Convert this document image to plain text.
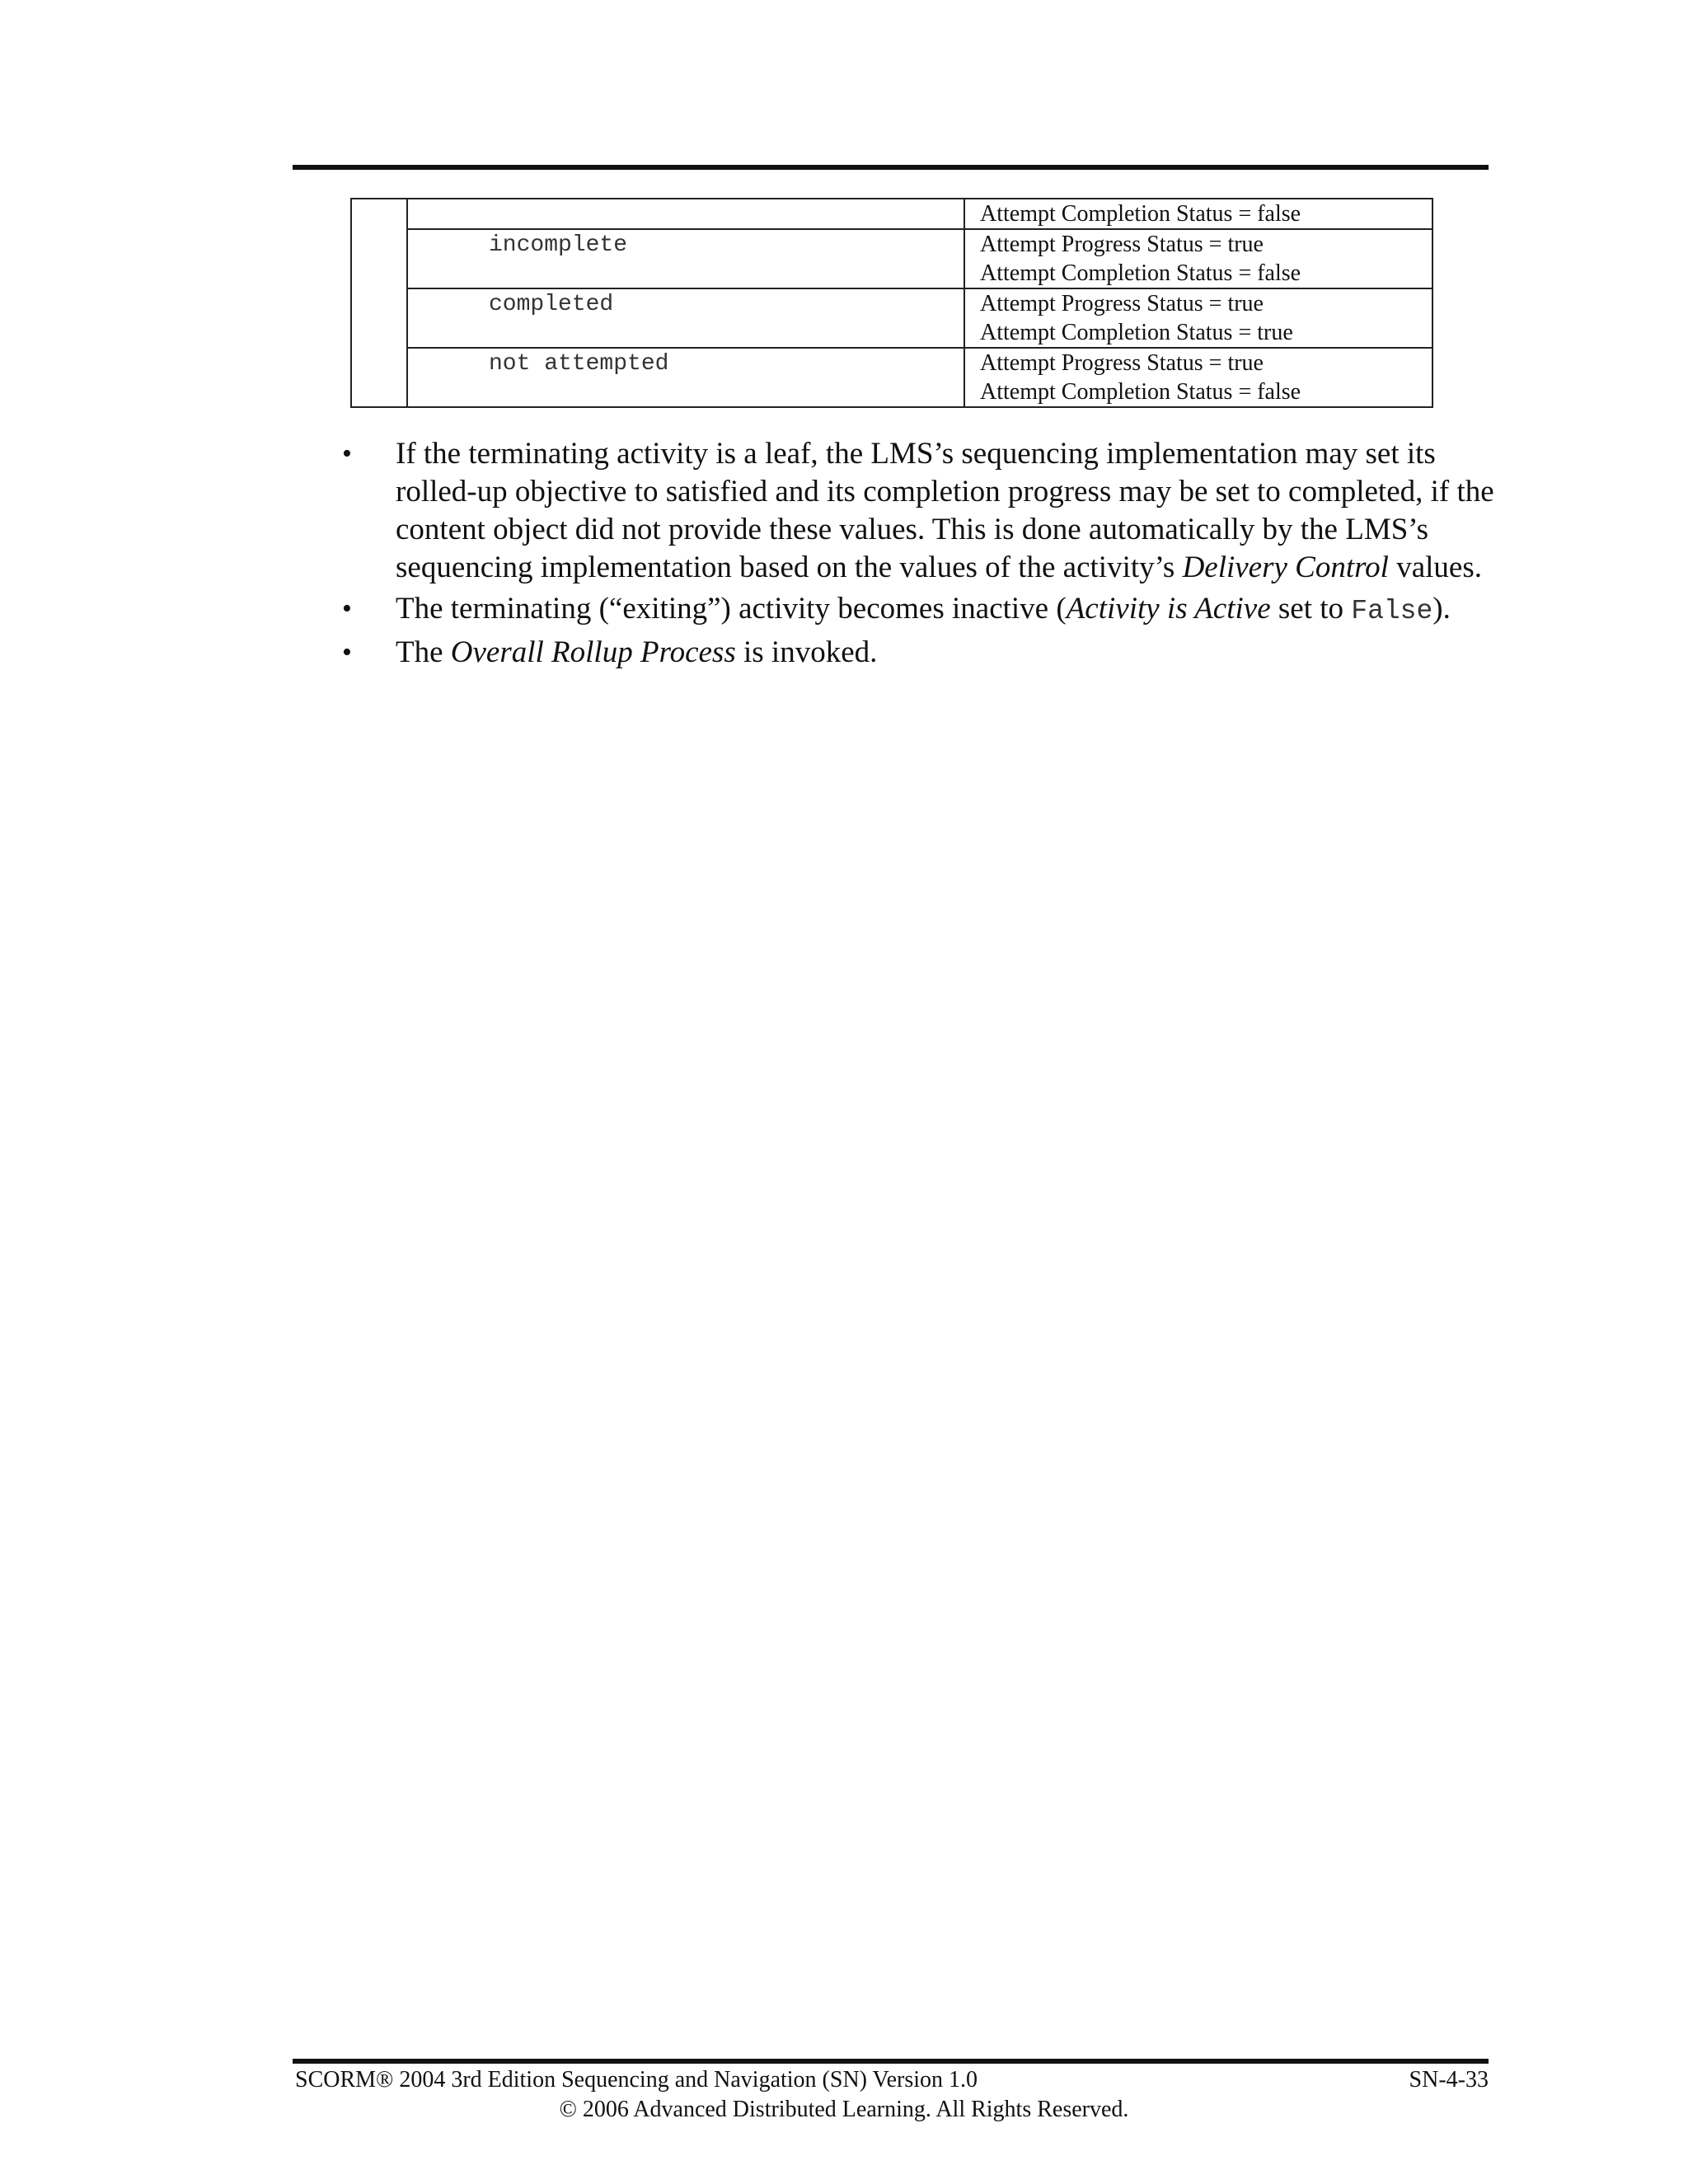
		Attempt Completion Status = false

	incomplete	Attempt Progress Status = true
Attempt Completion Status = false

	completed	Attempt Progress Status = true
Attempt Completion Status = true

	not attempted	Attempt Progress Status = true
Attempt Completion Status = false
• If the terminating activity is a leaf, the LMS’s sequencing implementation may set its rolled-up objective to satisfied and its completion progress may be set to completed, if the content object did not provide these values. This is done automatically by the LMS’s sequencing implementation based on the values of the activity’s Delivery Control values.
• The terminating (“exiting”) activity becomes inactive (Activity is Active set to False).
• The Overall Rollup Process is invoked.
SCORM® 2004 3rd Edition Sequencing and Navigation (SN) Version 1.0	SN-4-33
© 2006 Advanced Distributed Learning. All Rights Reserved.
